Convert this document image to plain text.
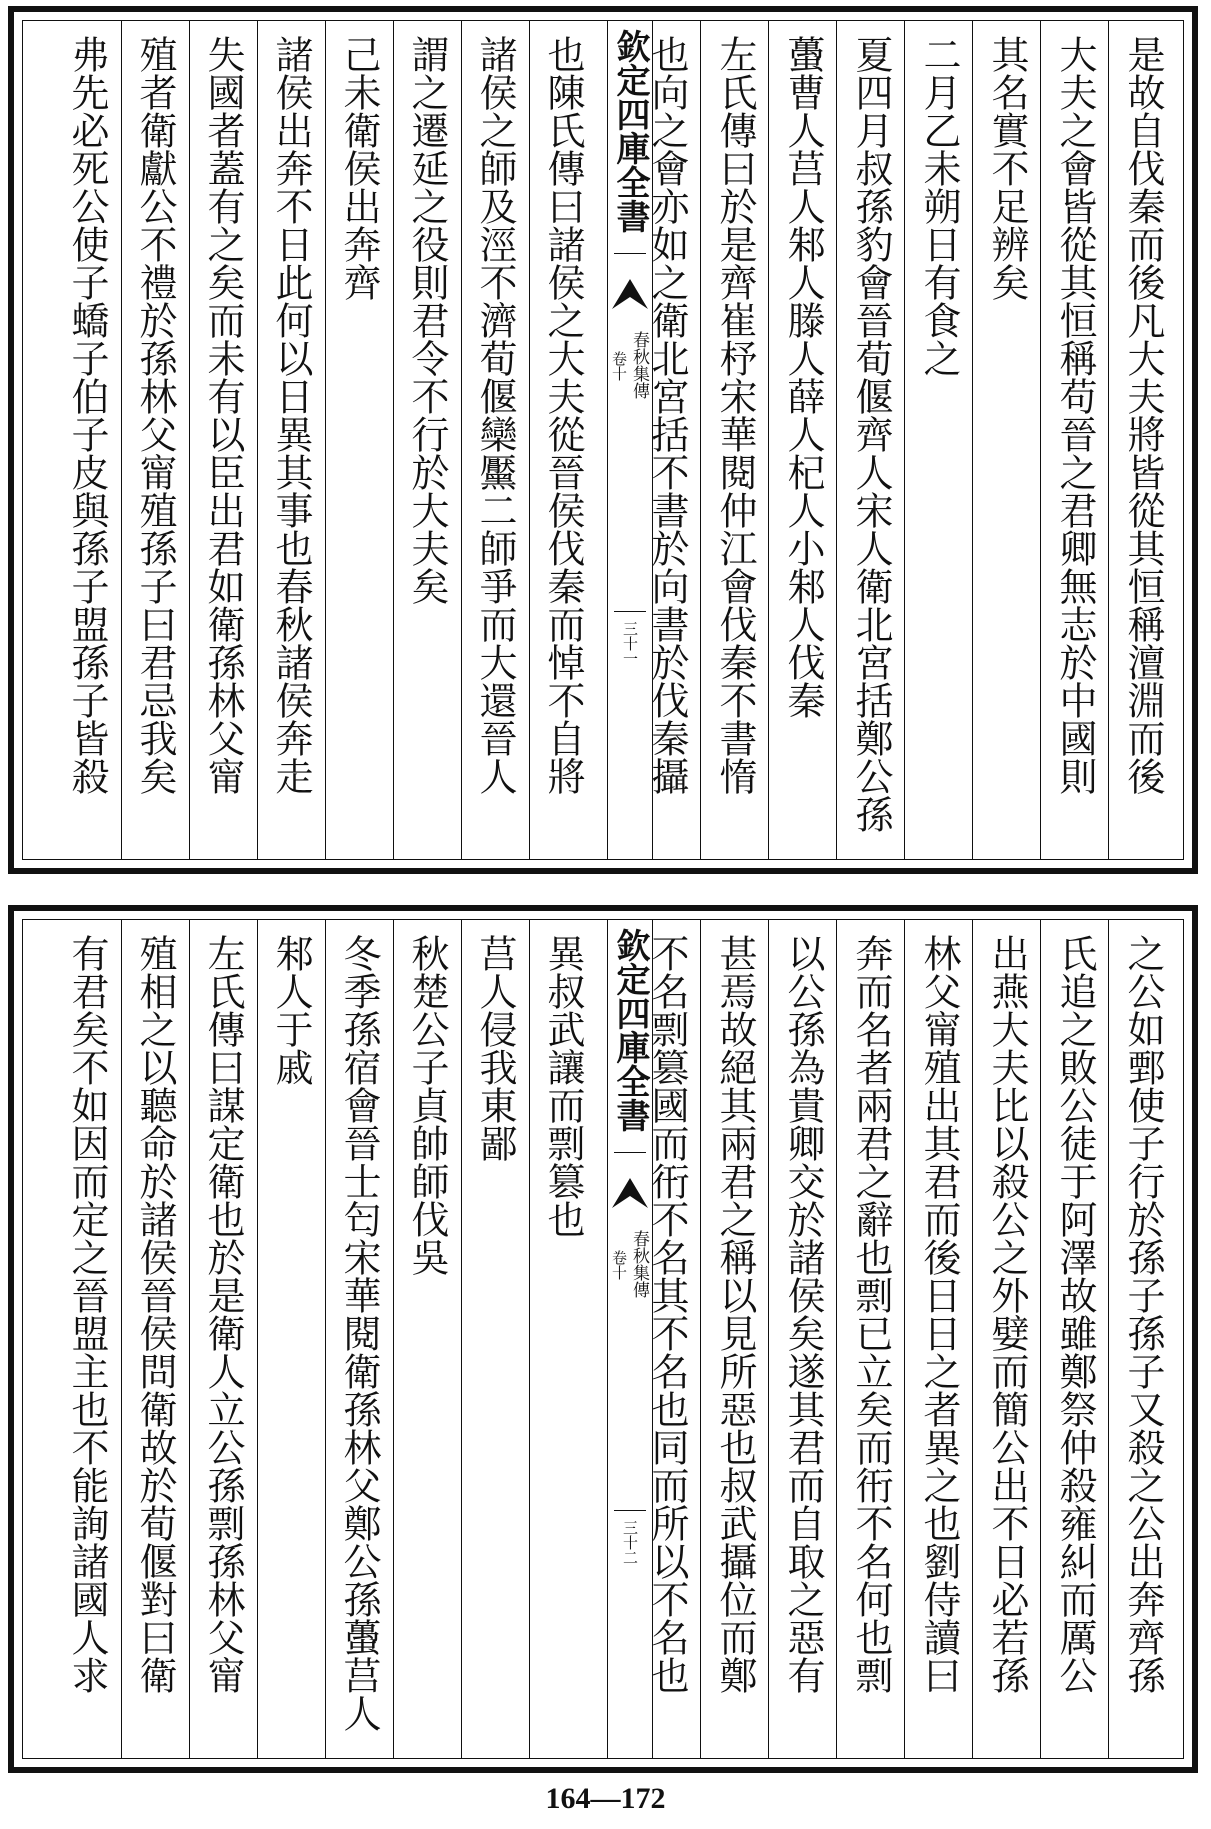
是故自伐秦而後凡大夫將皆從其恒稱澶淵而後
大夫之會皆從其恒稱苟晉之君卿無志於中國則
其名實不足辨矣
二月乙未朔日有食之
夏四月叔孫豹會晉荀偃齊人宋人衛北宮括鄭公孫
蠆曹人莒人邾人滕人薛人杞人小邾人伐秦
左氏傳曰於是齊崔杼宋華閱仲江會伐秦不書惰
也向之會亦如之衛北宮括不書於向書於伐秦攝
欽定四庫全書
春秋集傳
卷十
三十一
也陳氏傳曰諸侯之大夫從晉侯伐秦而悼不自將
諸侯之師及涇不濟荀偃欒黶二師爭而大還晉人
謂之遷延之役則君令不行於大夫矣
己未衛侯出奔齊
諸侯出奔不日此何以日異其事也春秋諸侯奔走
失國者蓋有之矣而未有以臣出君如衛孫林父甯
殖者衛獻公不禮於孫林父甯殖孫子曰君忌我矣
弗先必死公使子蟜子伯子皮與孫子盟孫子皆殺
之公如鄄使子行於孫子孫子又殺之公出奔齊孫
氏追之敗公徒于阿澤故雖鄭祭仲殺雍糾而厲公
出燕大夫比以殺公之外嬖而簡公出不日必若孫
林父甯殖出其君而後日日之者異之也劉侍讀曰
奔而名者兩君之辭也剽已立矣而衎不名何也剽
以公孫為貴卿交於諸侯矣遂其君而自取之惡有
甚焉故絕其兩君之稱以見所惡也叔武攝位而鄭
不名剽篡國而衎不名其不名也同而所以不名也
欽定四庫全書
春秋集傳
卷十
三十二
異叔武讓而剽篡也
莒人侵我東鄙
秋楚公子貞帥師伐吳
冬季孫宿會晉士匄宋華閱衛孫林父鄭公孫蠆莒人
邾人于戚
左氏傳曰謀定衛也於是衛人立公孫剽孫林父甯
殖相之以聽命於諸侯晉侯問衛故於荀偃對曰衛
有君矣不如因而定之晉盟主也不能詢諸國人求
164—172
